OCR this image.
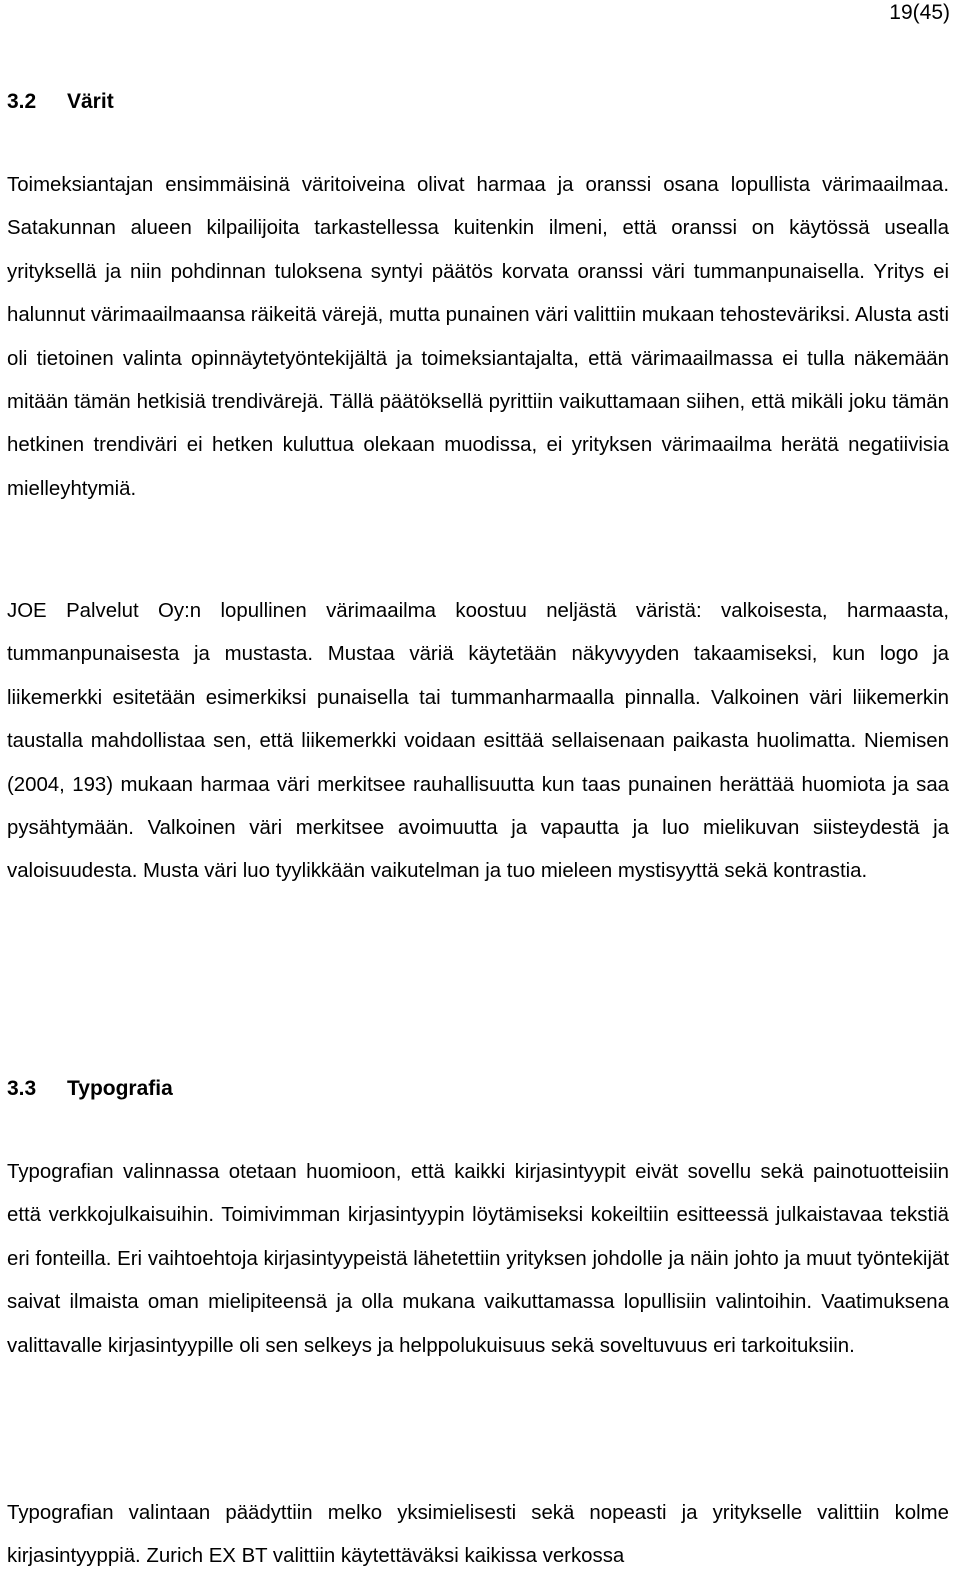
19(45)
3.2 Värit

Toimeksiantajan ensimmäisinä väritoiveina olivat harmaa ja oranssi osana lopullista värimaailmaa. Satakunnan alueen kilpailijoita tarkastellessa kuitenkin ilmeni, että oranssi on käytössä usealla yrityksellä ja niin pohdinnan tuloksena syntyi päätös korvata oranssi väri tummanpunaisella. Yritys ei halunnut värimaailmaansa räikeitä värejä, mutta punainen väri valittiin mukaan tehosteväriksi. Alusta asti oli tietoinen valinta opinnäytetyöntekijältä ja toimeksiantajalta, että värimaailmassa ei tulla näkemään mitään tämän hetkisiä trendivärejä. Tällä päätöksellä pyrittiin vaikuttamaan siihen, että mikäli joku tämän hetkinen trendiväri ei hetken kuluttua olekaan muodissa, ei yrityksen värimaailma herätä negatiivisia mielleyhtymiä.

JOE Palvelut Oy:n lopullinen värimaailma koostuu neljästä väristä: valkoisesta, harmaasta, tummanpunaisesta ja mustasta. Mustaa väriä käytetään näkyvyyden takaamiseksi, kun logo ja liikemerkki esitetään esimerkiksi punaisella tai tummanharmaalla pinnalla. Valkoinen väri liikemerkin taustalla mahdollistaa sen, että liikemerkki voidaan esittää sellaisenaan paikasta huolimatta. Niemisen (2004, 193) mukaan harmaa väri merkitsee rauhallisuutta kun taas punainen herättää huomiota ja saa pysähtymään. Valkoinen väri merkitsee avoimuutta ja vapautta ja luo mielikuvan siisteydestä ja valoisuudesta. Musta väri luo tyylikkään vaikutelman ja tuo mieleen mystisyyttä sekä kontrastia.

3.3 Typografia

Typografian valinnassa otetaan huomioon, että kaikki kirjasintyypit eivät sovellu sekä painotuotteisiin että verkkojulkaisuihin. Toimivimman kirjasintyypin löytämiseksi kokeiltiin esitteessä julkaistavaa tekstiä eri fonteilla. Eri vaihtoehtoja kirjasintyypeistä lähetettiin yrityksen johdolle ja näin johto ja muut työntekijät saivat ilmaista oman mielipiteensä ja olla mukana vaikuttamassa lopullisiin valintoihin. Vaatimuksena valittavalle kirjasintyypille oli sen selkeys ja helppolukuisuus sekä soveltuvuus eri tarkoituksiin.

Typografian valintaan päädyttiin melko yksimielisesti sekä nopeasti ja yritykselle valittiin kolme kirjasintyyppiä. Zurich EX BT valittiin käytettäväksi kaikissa verkossa
